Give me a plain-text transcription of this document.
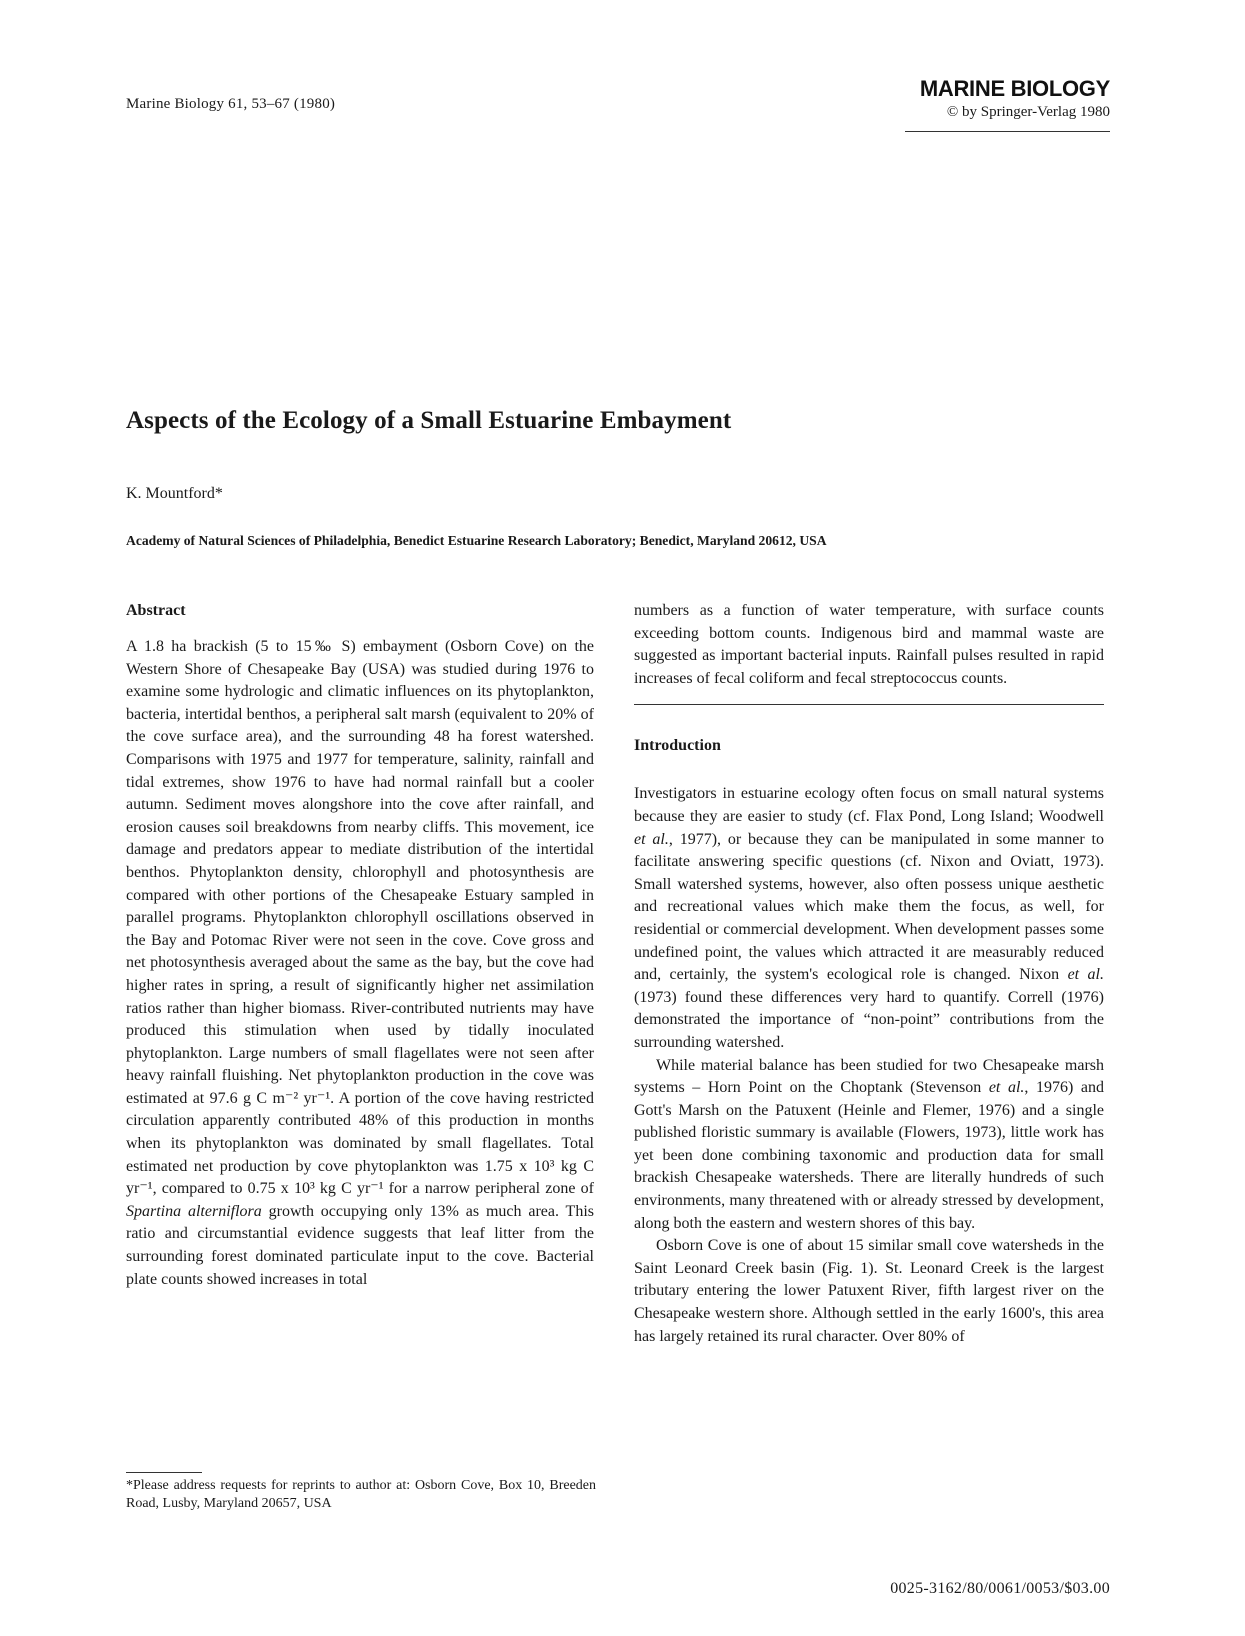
Marine Biology 61, 53–67 (1980)
MARINE BIOLOGY
© by Springer-Verlag 1980
Aspects of the Ecology of a Small Estuarine Embayment
K. Mountford*
Academy of Natural Sciences of Philadelphia, Benedict Estuarine Research Laboratory; Benedict, Maryland 20612, USA
Abstract

A 1.8 ha brackish (5 to 15‰ S) embayment (Osborn Cove) on the Western Shore of Chesapeake Bay (USA) was studied during 1976 to examine some hydrologic and climatic influences on its phytoplankton, bacteria, intertidal benthos, a peripheral salt marsh (equivalent to 20% of the cove surface area), and the surrounding 48 ha forest watershed. Comparisons with 1975 and 1977 for temperature, salinity, rainfall and tidal extremes, show 1976 to have had normal rainfall but a cooler autumn. Sediment moves alongshore into the cove after rainfall, and erosion causes soil breakdowns from nearby cliffs. This movement, ice damage and predators appear to mediate distribution of the intertidal benthos. Phytoplankton density, chlorophyll and photosynthesis are compared with other portions of the Chesapeake Estuary sampled in parallel programs. Phytoplankton chlorophyll oscillations observed in the Bay and Potomac River were not seen in the cove. Cove gross and net photosynthesis averaged about the same as the bay, but the cove had higher rates in spring, a result of significantly higher net assimilation ratios rather than higher biomass. River-contributed nutrients may have produced this stimulation when used by tidally inoculated phytoplankton. Large numbers of small flagellates were not seen after heavy rainfall fluishing. Net phytoplankton production in the cove was estimated at 97.6 g C m⁻² yr⁻¹. A portion of the cove having restricted circulation apparently contributed 48% of this production in months when its phytoplankton was dominated by small flagellates. Total estimated net production by cove phytoplankton was 1.75 x 10³ kg C yr⁻¹, compared to 0.75 x 10³ kg C yr⁻¹ for a narrow peripheral zone of Spartina alterniflora growth occupying only 13% as much area. This ratio and circumstantial evidence suggests that leaf litter from the surrounding forest dominated particulate input to the cove. Bacterial plate counts showed increases in total

numbers as a function of water temperature, with surface counts exceeding bottom counts. Indigenous bird and mammal waste are suggested as important bacterial inputs. Rainfall pulses resulted in rapid increases of fecal coliform and fecal streptococcus counts.

Introduction

Investigators in estuarine ecology often focus on small natural systems because they are easier to study (cf. Flax Pond, Long Island; Woodwell et al., 1977), or because they can be manipulated in some manner to facilitate answering specific questions (cf. Nixon and Oviatt, 1973). Small watershed systems, however, also often possess unique aesthetic and recreational values which make them the focus, as well, for residential or commercial development. When development passes some undefined point, the values which attracted it are measurably reduced and, certainly, the system's ecological role is changed. Nixon et al. (1973) found these differences very hard to quantify. Correll (1976) demonstrated the importance of “non-point” contributions from the surrounding watershed.

While material balance has been studied for two Chesapeake marsh systems – Horn Point on the Choptank (Stevenson et al., 1976) and Gott's Marsh on the Patuxent (Heinle and Flemer, 1976) and a single published floristic summary is available (Flowers, 1973), little work has yet been done combining taxonomic and production data for small brackish Chesapeake watersheds. There are literally hundreds of such environments, many threatened with or already stressed by development, along both the eastern and western shores of this bay.

Osborn Cove is one of about 15 similar small cove watersheds in the Saint Leonard Creek basin (Fig. 1). St. Leonard Creek is the largest tributary entering the lower Patuxent River, fifth largest river on the Chesapeake western shore. Although settled in the early 1600's, this area has largely retained its rural character. Over 80% of

*Please address requests for reprints to author at: Osborn Cove, Box 10, Breeden Road, Lusby, Maryland 20657, USA
0025-3162/80/0061/0053/$03.00
